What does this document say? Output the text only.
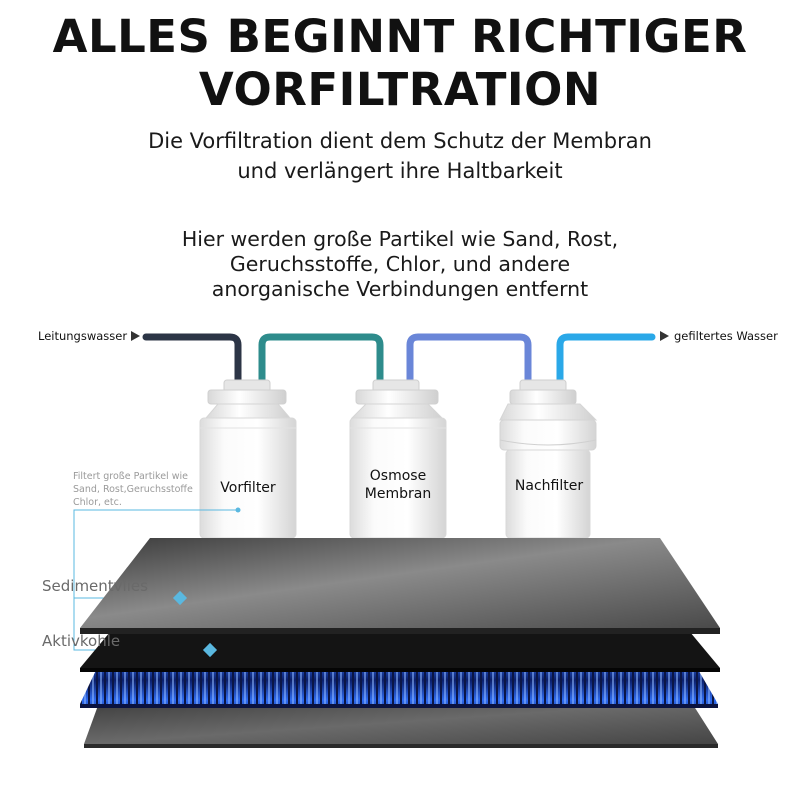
ALLES BEGINNT RICHTIGER
VORFILTRATION
Die Vorfiltration dient dem Schutz der Membran
und verlängert ihre Haltbarkeit
Hier werden große Partikel wie Sand, Rost,
Geruchsstoffe, Chlor, und andere
anorganische Verbindungen entfernt
Leitungswasser	gefiltertes Wasser
Vorfilter
Osmose
Membran	Nachfilter
Filtert große Partikel wie
Sand, Rost,Geruchsstoffe
Chlor, etc.
Sedimentvlies
Aktivkohle
